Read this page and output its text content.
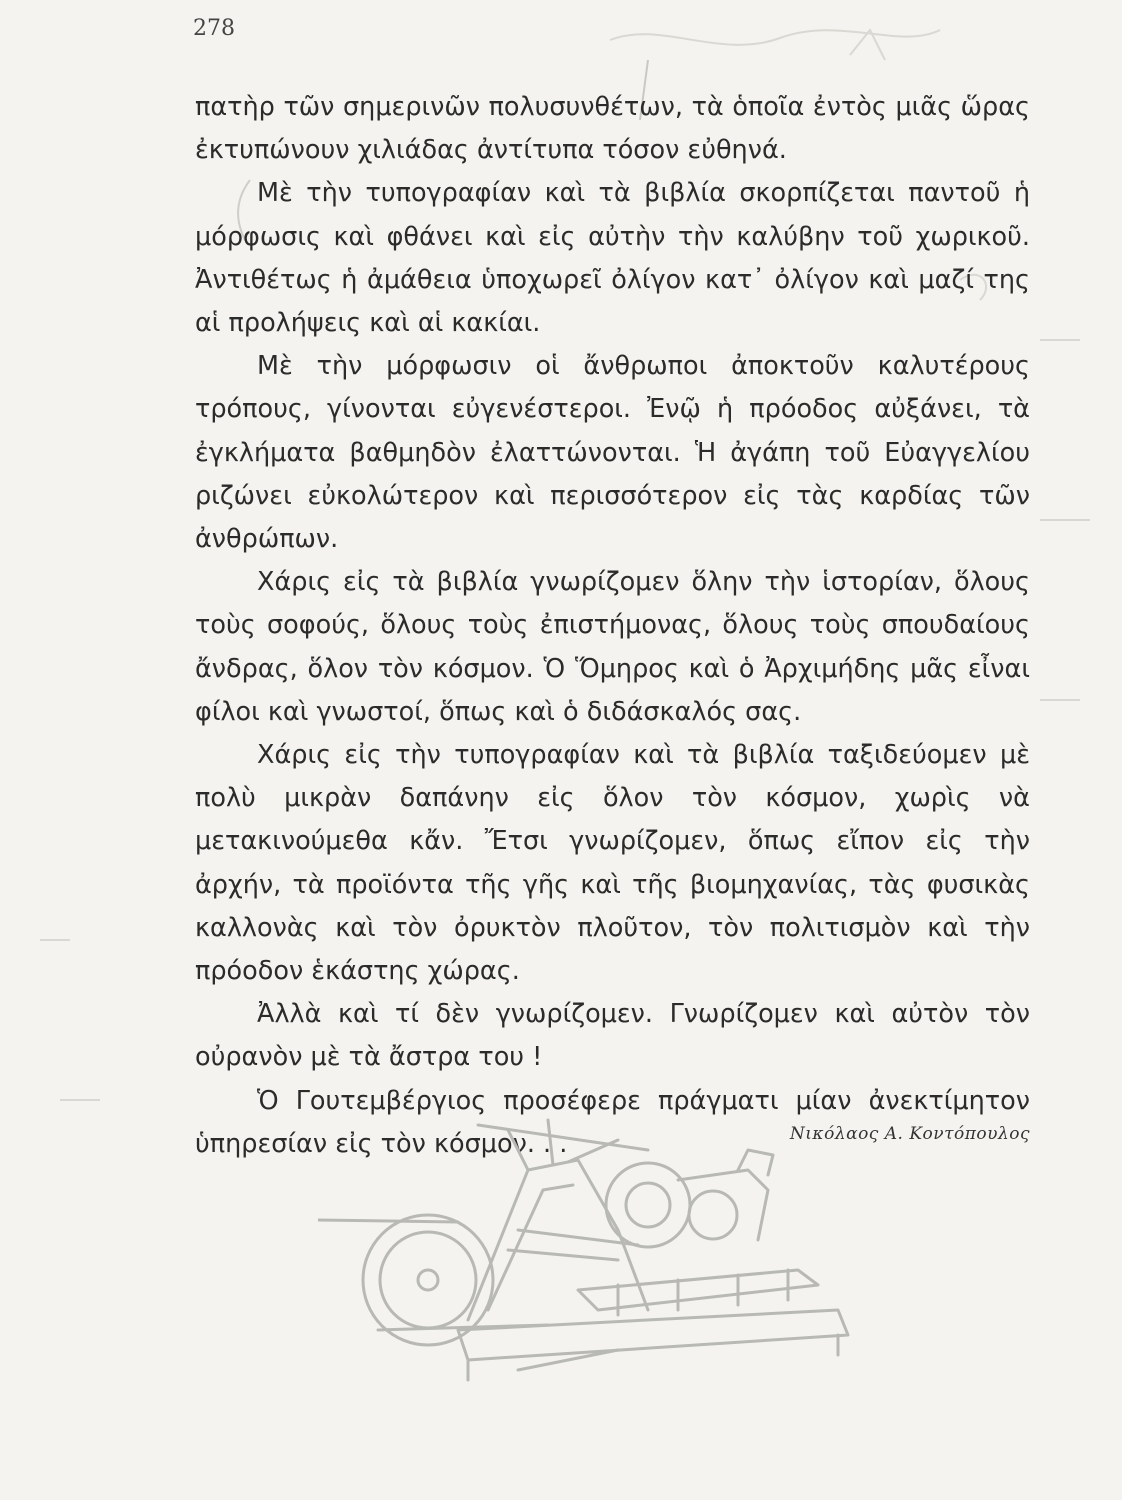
278

πατὴρ τῶν σημερινῶν πολυσυνθέτων, τὰ ὁποῖα ἐντὸς μιᾶς ὥρας ἐκτυπώνουν χιλιάδας ἀντίτυπα τόσον εὐθηνά.

Μὲ τὴν τυπογραφίαν καὶ τὰ βιβλία σκορπίζεται παντοῦ ἡ μόρφωσις καὶ φθάνει καὶ εἰς αὐτὴν τὴν καλύβην τοῦ χωρικοῦ. Ἀντιθέτως ἡ ἀμάθεια ὑποχωρεῖ ὀλίγον κατ᾿ ὀλίγον καὶ μαζί της αἱ προλήψεις καὶ αἱ κακίαι.

Μὲ τὴν μόρφωσιν οἱ ἄνθρωποι ἀποκτοῦν καλυτέρους τρόπους, γίνονται εὐγενέστεροι. Ἐνῷ ἡ πρόοδος αὐξάνει, τὰ ἐγκλήματα βαθμηδὸν ἐλαττώνονται. Ἡ ἀγάπη τοῦ Εὐαγγελίου ριζώνει εὐκολώτερον καὶ περισσότερον εἰς τὰς καρδίας τῶν ἀνθρώπων.

Χάρις εἰς τὰ βιβλία γνωρίζομεν ὅλην τὴν ἱστορίαν, ὅλους τοὺς σοφούς, ὅλους τοὺς ἐπιστήμονας, ὅλους τοὺς σπουδαίους ἄνδρας, ὅλον τὸν κόσμον. Ὁ Ὅμηρος καὶ ὁ Ἀρχιμήδης μᾶς εἶναι φίλοι καὶ γνωστοί, ὅπως καὶ ὁ διδάσκαλός σας.

Χάρις εἰς τὴν τυπογραφίαν καὶ τὰ βιβλία ταξιδεύομεν μὲ πολὺ μικρὰν δαπάνην εἰς ὅλον τὸν κόσμον, χωρὶς νὰ μετακινούμεθα κἄν. Ἔτσι γνωρίζομεν, ὅπως εἴπον εἰς τὴν ἀρχήν, τὰ προϊόντα τῆς γῆς καὶ τῆς βιομηχανίας, τὰς φυσικὰς καλλονὰς καὶ τὸν ὀρυκτὸν πλοῦτον, τὸν πολιτισμὸν καὶ τὴν πρόοδον ἑκάστης χώρας.

Ἀλλὰ καὶ τί δὲν γνωρίζομεν. Γνωρίζομεν καὶ αὐτὸν τὸν οὐρανὸν μὲ τὰ ἄστρα του !

Ὁ Γουτεμβέργιος προσέφερε πράγματι μίαν ἀνεκτίμητον ὑπηρεσίαν εἰς τὸν κόσμον. . .	Νικόλαος Α. Κοντόπουλος
